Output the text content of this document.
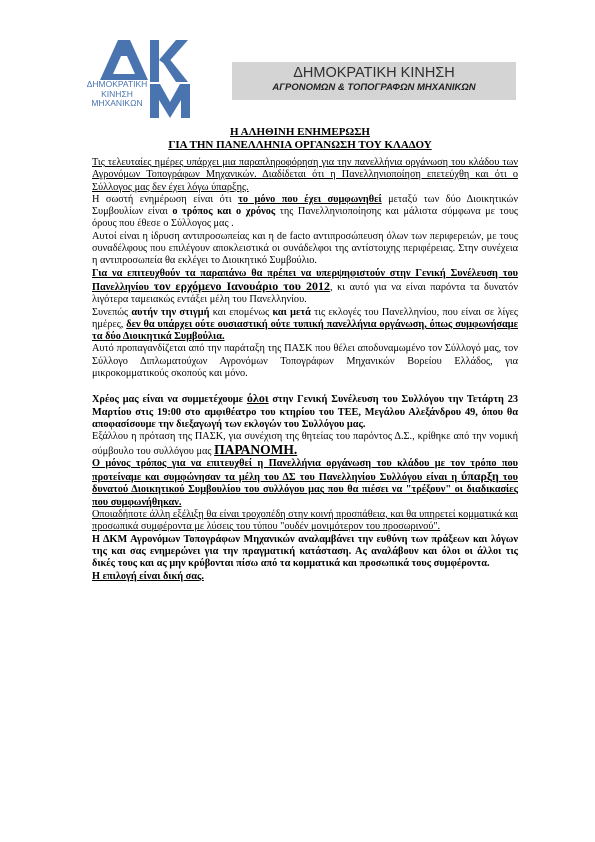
ΔΗΜΟΚΡΑΤΙΚΗ
ΚΙΝΗΣΗ
ΜΗΧΑΝΙΚΩΝ
ΔΗΜΟΚΡΑΤΙΚΗ ΚΙΝΗΣΗ
ΑΓΡΟΝΟΜΩΝ & ΤΟΠΟΓΡΑΦΩΝ ΜΗΧΑΝΙΚΩΝ
Η ΑΛΗΘΙΝΗ ΕΝΗΜΕΡΩΣΗ
ΓΙΑ ΤΗΝ ΠΑΝΕΛΛΗΝΙΑ ΟΡΓΑΝΩΣΗ ΤΟΥ ΚΛΑΔΟΥ

Τις τελευταίες ημέρες υπάρχει μια παραπληροφόρηση για την πανελλήνια οργάνωση του κλάδου των Αγρονόμων Τοπογράφων Μηχανικών. Διαδίδεται ότι η Πανελληνιοποίηση επετεύχθη και ότι ο Σύλλογος μας δεν έχει λόγω ύπαρξης.

Η σωστή ενημέρωση είναι ότι το μόνο που έχει συμφωνηθεί μεταξύ των δύο Διοικητικών Συμβουλίων είναι ο τρόπος και ο χρόνος της Πανελληνιοποίησης και μάλιστα σύμφωνα με τους όρους που έθεσε ο Σύλλογος μας .

Αυτοί είναι η ίδρυση αντιπροσωπείας και η de facto αντιπροσώπευση όλων των περιφερειών, με τους συναδέλφους που επιλέγουν αποκλειστικά οι συνάδελφοι της αντίστοιχης περιφέρειας. Στην συνέχεια η αντιπροσωπεία θα εκλέγει το Διοικητικό Συμβούλιο.

Για να επιτευχθούν τα παραπάνω θα πρέπει να υπερψηφιστούν στην Γενική Συνέλευση του Πανελληνίου τον ερχόμενο Ιανουάριο του 2012, κι αυτό για να είναι παρόντα τα δυνατόν λιγότερα ταμειακώς εντάξει μέλη του Πανελληνίου.

Συνεπώς αυτήν την στιγμή και επομένως και μετά τις εκλογές του Πανελληνίου, που είναι σε λίγες ημέρες, δεν θα υπάρχει ούτε ουσιαστική ούτε τυπική πανελλήνια οργάνωση, όπως συμφωνήσαμε τα δύο Διοικητικά Συμβούλια.

Αυτό προπαγανδίζεται από την παράταξη της ΠΑΣΚ που θέλει αποδυναμωμένο τον Σύλλογό μας, τον Σύλλογο Διπλωματούχων Αγρονόμων Τοπογράφων Μηχανικών Βορείου Ελλάδος, για μικροκομματικούς σκοπούς και μόνο.

Χρέος μας είναι να συμμετέχουμε όλοι στην Γενική Συνέλευση του Συλλόγου την Τετάρτη 23 Μαρτίου στις 19:00 στο αμφιθέατρο του κτηρίου του ΤΕΕ, Μεγάλου Αλεξάνδρου 49, όπου θα αποφασίσουμε την διεξαγωγή των εκλογών του Συλλόγου μας.

Εξάλλου η πρόταση της ΠΑΣΚ, για συνέχιση της θητείας του παρόντος Δ.Σ., κρίθηκε από την νομική σύμβουλο του συλλόγου μας ΠΑΡΑΝΟΜΗ.

Ο μόνος τρόπος για να επιτευχθεί η Πανελλήνια οργάνωση του κλάδου με τον τρόπο που προτείναμε και συμφώνησαν τα μέλη του ΔΣ του Πανελληνίου Συλλόγου είναι η ύπαρξη του δυνατού Διοικητικού Συμβουλίου του συλλόγου μας που θα πιέσει να "τρέξουν" οι διαδικασίες που συμφωνήθηκαν.

Οποιαδήποτε άλλη εξέλιξη θα είναι τροχοπέδη στην κοινή προσπάθεια, και θα υπηρετεί κομματικά και προσωπικά συμφέροντα με λύσεις του τύπου "ουδέν μονιμότερον του προσωρινού".

Η ΔΚΜ Αγρονόμων Τοπογράφων Μηχανικών αναλαμβάνει την ευθύνη των πράξεων και λόγων της και σας ενημερώνει για την πραγματική κατάσταση. Ας αναλάβουν και όλοι οι άλλοι τις δικές τους και ας μην κρύβονται πίσω από τα κομματικά και προσωπικά τους συμφέροντα.

Η επιλογή είναι δική σας.
